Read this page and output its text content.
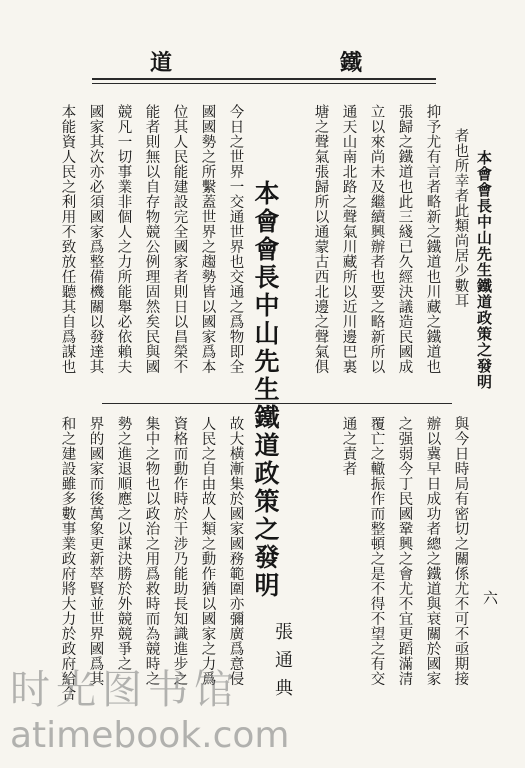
道	鐵
本會會長中山先生鐵道政策之發明
六
者也所幸者此類尚居少數耳
抑予尤有言者略新之鐵道也川藏之鐵道也
張歸之鐵道也此三綫已久經決議造民國成
立以來尚未及繼續興辦者也要之略新所以
通天山南北路之聲氣川藏所以近川邊巴裏
塘之聲氣張歸所以通蒙古西北邊之聲氣俱
與今日時局有密切之關係尤不可不亟期接
辦以冀早日成功者總之鐵道與衰關於國家
之强弱今丁民國鞏興之會尤不宜更蹈滿清
覆亡之轍振作而整頓之是不得不望之有交
通之責者
本會會長中山先生鐵道政策之發明
張通典
今日之世界一交通世界也交通之爲物即全
國國勢之所繫蓋世界之趨勢皆以國家爲本
位其人民能建設完全國家者則日以昌榮不
能者則無以自存物競公例理固然矣民與國
競凡一切事業非個人之力所能舉必依賴夫
國家其次亦必須國家爲整備機關以發達其
本能資人民之利用不致放任聽其自爲謀也
故大橫漸集於國家國務範圍亦彌廣爲意侵
人民之自由故人類之動作猶以國家之力爲
資格而動作時於干涉乃能助長知識進步之
集中之物也以政治之用爲救時而為競時之
勢之進退順應之以謀決勝於外競競爭之
界的國家而後萬象更新萃賢並世界國爲其
和之建設雖多數事業政府將大力於政府給合
时光图书馆
atimebook.com
